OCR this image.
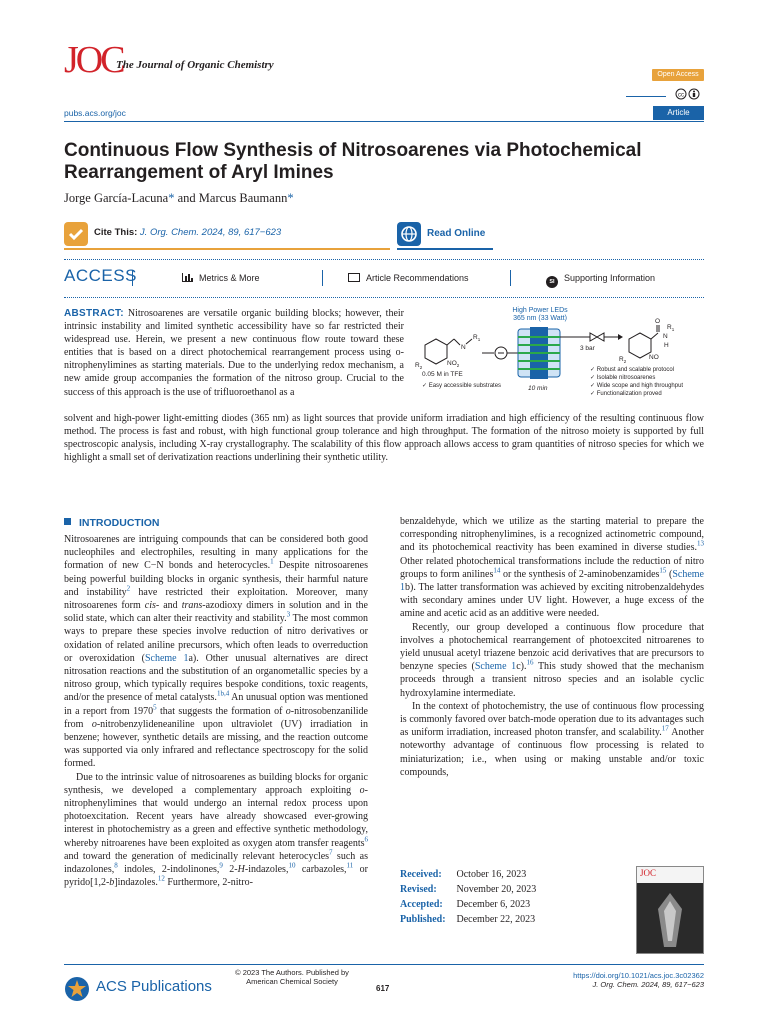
JOC
The Journal of Organic Chemistry
Open Access
cc
pubs.acs.org/joc	Article
Continuous Flow Synthesis of Nitrosoarenes via Photochemical Rearrangement of Aryl Imines
Jorge García-Lacuna* and Marcus Baumann*
Cite This: J. Org. Chem. 2024, 89, 617−623	Read Online
ACCESS	Metrics & More	Article Recommendations	SI Supporting Information
ABSTRACT: Nitrosoarenes are versatile organic building blocks; however, their intrinsic instability and limited synthetic accessibility have so far restricted their widespread use. Herein, we present a new continuous flow route toward these entities that is based on a direct photochemical rearrangement process using o-nitrophenylimines as starting materials. Due to the underlying redox mechanism, a new amide group accompanies the formation of the nitroso group. Crucial to the success of this approach is the use of trifluoroethanol as a
High Power LEDs
365 nm (33 Watt)
N
$R_1$
$R_2$
$NO_2$
0.05 M in TFE
✓ Easy accessible substrates	10 min
3 bar
O
N
$R_1$
H
$R_2$
NO
✓ Robust and scalable protocol
✓ Isolable nitrosoarenes
✓ Wide scope and high throughput
✓ Functionalization proved
solvent and high-power light-emitting diodes (365 nm) as light sources that provide uniform irradiation and high efficiency of the resulting continuous flow method. The process is fast and robust, with high functional group tolerance and high throughput. The formation of the nitroso moiety is supported by full spectroscopic analysis, including X-ray crystallography. The scalability of this flow approach allows access to gram quantities of nitroso species for which we highlight a small set of derivatization reactions underlining their synthetic utility.
INTRODUCTION

Nitrosoarenes are intriguing compounds that can be considered both good nucleophiles and electrophiles, resulting in many applications for the formation of new C−N bonds and heterocycles.$^1$ Despite nitrosoarenes being powerful building blocks in organic synthesis, their harmful nature and instability$^2$ have restricted their exploitation. Moreover, many nitrosoarenes form cis- and trans-azodioxy dimers in solution and in the solid state, which can alter their reactivity and stability.$^3$ The most common ways to prepare these species involve reduction of nitro derivatives or oxidation of related aniline precursors, which often leads to overreduction or overoxidation (Scheme 1a). Other unusual alternatives are direct nitrosation reactions and the substitution of an organometallic species by a nitroso group, which typically requires bespoke conditions, toxic reagents, and/or the presence of metal catalysts.$^{1b,4}$ An unusual option was mentioned in a report from 1970$^5$ that suggests the formation of o-nitrosobenzanilide from o-nitrobenzylideneaniline upon ultraviolet (UV) irradiation in benzene; however, synthetic details are missing, and the reaction outcome was supported via only infrared and reflectance spectroscopy for the solid formed.

Due to the intrinsic value of nitrosoarenes as building blocks for organic synthesis, we developed a complementary approach exploiting o-nitrophenylimines that would undergo an internal redox process upon photoexcitation. Recent years have already showcased ever-growing interest in photochemistry as a green and effective synthetic methodology, whereby nitroarenes have been exploited as oxygen atom transfer reagents$^6$ and toward the generation of medicinally relevant heterocycles$^7$ such as indazolones,$^8$ indoles, 2-indolinones,$^9$ 2-H-indazoles,$^{10}$ carbazoles,$^{11}$ or pyrido[1,2-b]indazoles.$^{12}$ Furthermore, 2-nitro-

benzaldehyde, which we utilize as the starting material to prepare the corresponding nitrophenylimines, is a recognized actinometric compound, and its photochemical reactivity has been examined in diverse studies.$^{13}$ Other related photochemical transformations include the reduction of nitro groups to form anilines$^{14}$ or the synthesis of 2-aminobenzamides$^{15}$ (Scheme 1b). The latter transformation was achieved by exciting nitrobenzaldehydes with secondary amines under UV light. However, a huge excess of the amine and acetic acid as an additive were needed.

Recently, our group developed a continuous flow procedure that involves a photochemical rearrangement of photoexcited nitroarenes to yield unusual acetyl triazene benzoic acid derivatives that are precursors to benzyne species (Scheme 1c).$^{16}$ This study showed that the mechanism proceeds through a transient nitroso species and an isolable cyclic hydroxylamine intermediate.

In the context of photochemistry, the use of continuous flow processing is commonly favored over batch-mode operation due to its advantages such as uniform irradiation, increased photon transfer, and scalability.$^{17}$ Another noteworthy advantage of continuous flow processing is related to miniaturization; i.e., when using or making unstable and/or toxic compounds,

Received: October 16, 2023
Revised: November 20, 2023
Accepted: December 6, 2023
Published: December 22, 2023
JOC
ACS Publications
© 2023 The Authors. Published by American Chemical Society
617
https://doi.org/10.1021/acs.joc.3c02362
J. Org. Chem. 2024, 89, 617−623
